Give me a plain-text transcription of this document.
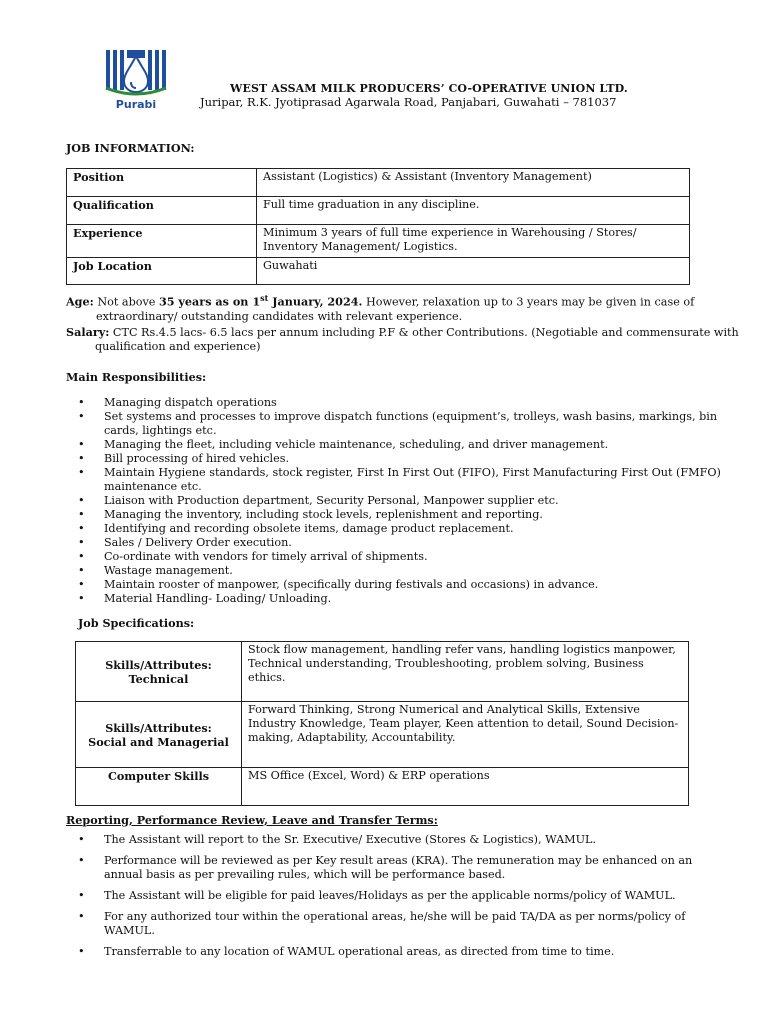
Purabi
WEST ASSAM MILK PRODUCERS’ CO-OPERATIVE UNION LTD.
Juripar, R.K. Jyotiprasad Agarwala Road, Panjabari, Guwahati – 781037
JOB INFORMATION:
Position	Assistant (Logistics) & Assistant (Inventory Management)
Qualification	Full time graduation in any discipline.
Experience	Minimum 3 years of full time experience in Warehousing / Stores/ Inventory Management/ Logistics.
Job Location	Guwahati
Age: Not above 35 years as on 1st January, 2024. However, relaxation up to 3 years may be given in case of extraordinary/ outstanding candidates with relevant experience.
Salary: CTC Rs.4.5 lacs- 6.5 lacs per annum including P.F & other Contributions. (Negotiable and commensurate with qualification and experience)
Main Responsibilities:
• Managing dispatch operations
• Set systems and processes to improve dispatch functions (equipment’s, trolleys, wash basins, markings, bin cards, lightings etc.
• Managing the fleet, including vehicle maintenance, scheduling, and driver management.
• Bill processing of hired vehicles.
• Maintain Hygiene standards, stock register, First In First Out (FIFO), First Manufacturing First Out (FMFO) maintenance etc.
• Liaison with Production department, Security Personal, Manpower supplier etc.
• Managing the inventory, including stock levels, replenishment and reporting.
• Identifying and recording obsolete items, damage product replacement.
• Sales / Delivery Order execution.
• Co-ordinate with vendors for timely arrival of shipments.
• Wastage management.
• Maintain rooster of manpower, (specifically during festivals and occasions) in advance.
• Material Handling- Loading/ Unloading.
Job Specifications:
Skills/Attributes:
Technical	Stock flow management, handling refer vans, handling logistics manpower, Technical understanding, Troubleshooting, problem solving, Business ethics.

Skills/Attributes:
Social and Managerial	Forward Thinking, Strong Numerical and Analytical Skills, Extensive Industry Knowledge, Team player, Keen attention to detail, Sound Decision-making, Adaptability, Accountability.

Computer Skills	MS Office (Excel, Word) & ERP operations
Reporting, Performance Review, Leave and Transfer Terms:
• The Assistant will report to the Sr. Executive/ Executive (Stores & Logistics), WAMUL.
• Performance will be reviewed as per Key result areas (KRA). The remuneration may be enhanced on an annual basis as per prevailing rules, which will be performance based.
• The Assistant will be eligible for paid leaves/Holidays as per the applicable norms/policy of WAMUL.
• For any authorized tour within the operational areas, he/she will be paid TA/DA as per norms/policy of WAMUL.
• Transferrable to any location of WAMUL operational areas, as directed from time to time.
